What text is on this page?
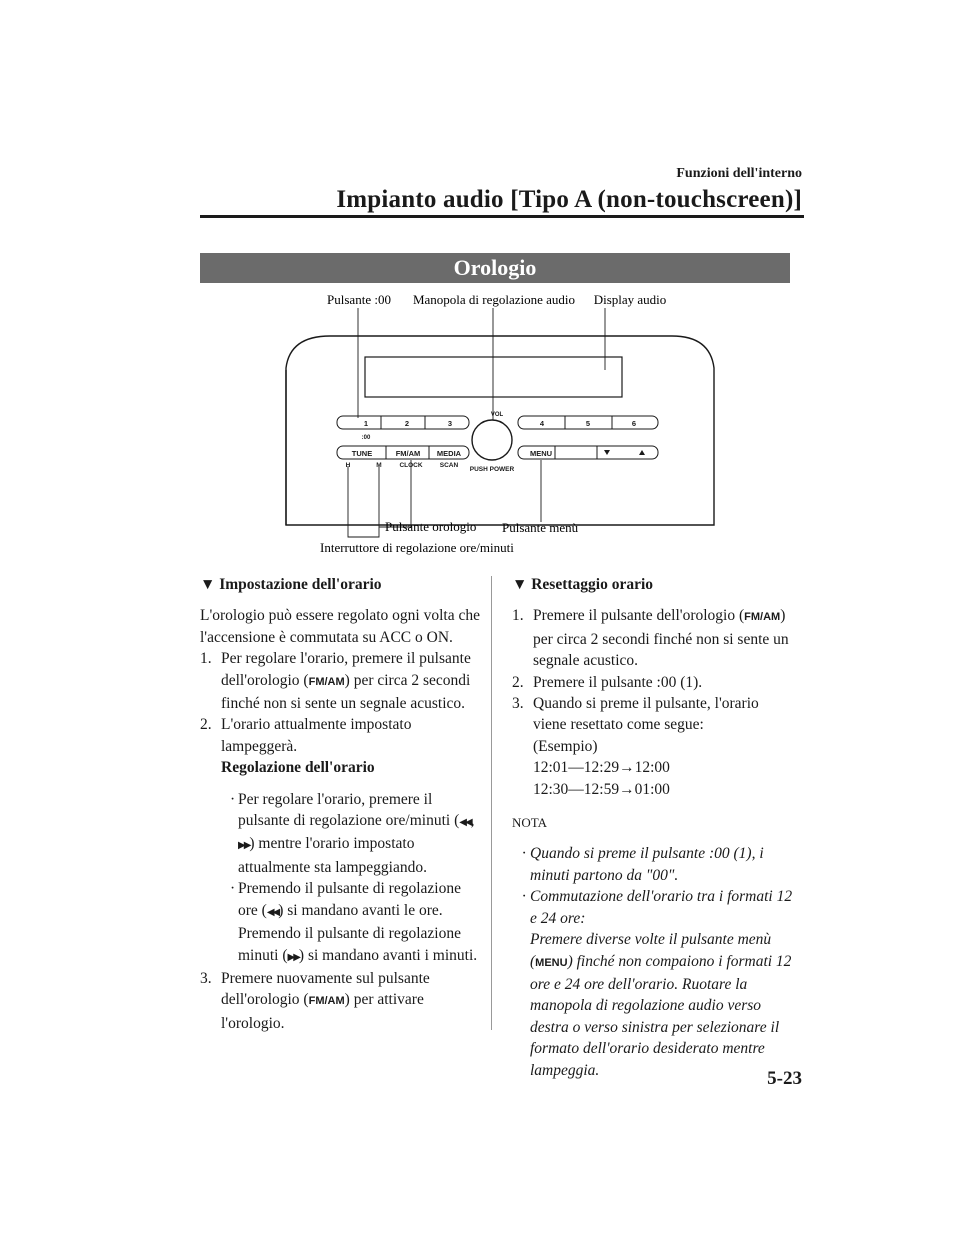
Funzioni dell'interno
Impianto audio [Tipo A (non-touchscreen)]
Orologio
1	2	3	4	5	6
:00
TUNE	FM/AM MEDIA	MENU
VOL
PUSH POWER
H	M	CLOCK	SCAN
Pulsante :00 Manopola di regolazione audio Display audio
Pulsante orologio Pulsante menù
Interruttore di regolazione ore/minuti

▼ Impostazione dell'orario

L'orologio può essere regolato ogni volta che l'accensione è commutata su ACC o ON.

1. Per regolare l'orario, premere il pulsante dell'orologio (FM/AM) per circa 2 secondi finché non si sente un segnale acustico.
2. L'orario attualmente impostato lampeggerà.
Regolazione dell'orario
· Per regolare l'orario, premere il pulsante di regolazione ore/minuti (◀◀, ▶▶) mentre l'orario impostato attualmente sta lampeggiando.
· Premendo il pulsante di regolazione ore (◀◀) si mandano avanti le ore. Premendo il pulsante di regolazione minuti (▶▶) si mandano avanti i minuti.
3. Premere nuovamente sul pulsante dell'orologio (FM/AM) per attivare l'orologio.

▼ Resettaggio orario

1. Premere il pulsante dell'orologio (FM/AM) per circa 2 secondi finché non si sente un segnale acustico.
2. Premere il pulsante :00 (1).
3. Quando si preme il pulsante, l'orario viene resettato come segue:
(Esempio)
12:01―12:29→12:00
12:30―12:59→01:00

NOTA

· Quando si preme il pulsante :00 (1), i minuti partono da "00".
· Commutazione dell'orario tra i formati 12 e 24 ore:
Premere diverse volte il pulsante menù (MENU) finché non compaiono i formati 12 ore e 24 ore dell'orario. Ruotare la manopola di regolazione audio verso destra o verso sinistra per selezionare il formato dell'orario desiderato mentre lampeggia.	5-23
